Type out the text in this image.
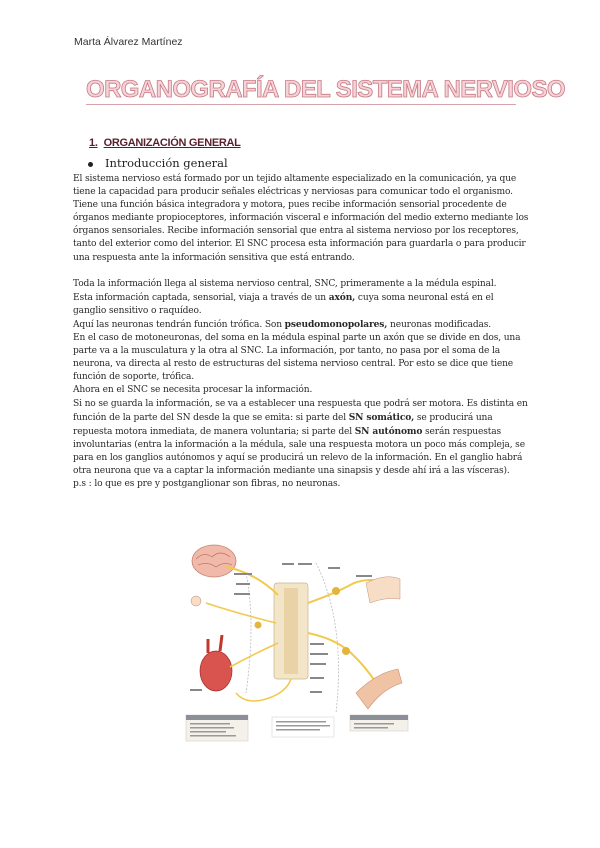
Marta Álvarez Martínez
ORGANOGRAFÍA DEL SISTEMA NERVIOSO
1. ORGANIZACIÓN GENERAL
Introducción general

El sistema nervioso está formado por un tejido altamente especializado en la comunicación, ya que tiene la capacidad para producir señales eléctricas y nerviosas para comunicar todo el organismo. Tiene una función básica integradora y motora, pues recibe información sensorial procedente de órganos mediante propioceptores, información visceral e información del medio externo mediante los órganos sensoriales. Recibe información sensorial que entra al sistema nervioso por los receptores, tanto del exterior como del interior. El SNC procesa esta información para guardarla o para producir una respuesta ante la información sensitiva que está entrando.

Toda la información llega al sistema nervioso central, SNC, primeramente a la médula espinal.

Esta información captada, sensorial, viaja a través de un axón, cuya soma neuronal está en el ganglio sensitivo o raquídeo.

Aquí las neuronas tendrán función trófica. Son pseudomonopolares, neuronas modificadas.

En el caso de motoneuronas, del soma en la médula espinal parte un axón que se divide en dos, una parte va a la musculatura y la otra al SNC. La información, por tanto, no pasa por el soma de la neurona, va directa al resto de estructuras del sistema nervioso central. Por esto se dice que tiene función de soporte, trófica.

Ahora en el SNC se necesita procesar la información.

Si no se guarda la información, se va a establecer una respuesta que podrá ser motora. Es distinta en función de la parte del SN desde la que se emita: si parte del SN somático, se producirá una repuesta motora inmediata, de manera voluntaria; si parte del SN autónomo serán respuestas involuntarias (entra la información a la médula, sale una respuesta motora un poco más compleja, se para en los ganglios autónomos y aquí se producirá un relevo de la información. En el ganglio habrá otra neurona que va a captar la información mediante una sinapsis y desde ahí irá a las vísceras).

p.s : lo que es pre y postganglionar son fibras, no neuronas.
